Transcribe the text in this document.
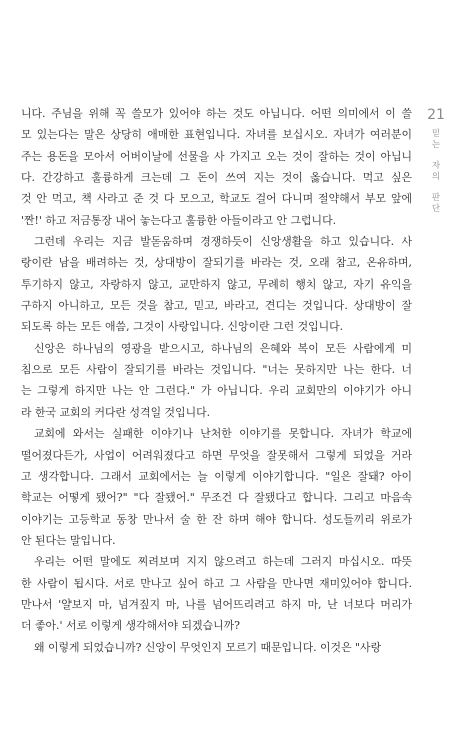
21
믿
는
자
의
판
단
니다. 주님을 위해 꼭 쓸모가 있어야 하는 것도 아닙니다. 어떤 의미에서 이 쓸
모 있는다는 말은 상당히 애매한 표현입니다. 자녀를 보십시오. 자녀가 여러분이
주는 용돈을 모아서 어버이날에 선물을 사 가지고 오는 것이 잘하는 것이 아닙니
다. 간강하고 훌륭하게 크는데 그 돈이 쓰여 지는 것이 옳습니다. 먹고 싶은
것 안 먹고, 책 사라고 준 것 다 모으고, 학교도 걸어 다니며 절약해서 부모 앞에
'짠!' 하고 저금통장 내어 놓는다고 훌륭한 아들이라고 안 그럽니다.
그런데 우리는 지금 발돋움하며 경쟁하듯이 신앙생활을 하고 있습니다. 사
랑이란 남을 배려하는 것, 상대방이 잘되기를 바라는 것, 오래 참고, 온유하며,
투기하지 않고, 자랑하지 않고, 교만하지 않고, 무례히 행치 않고, 자기 유익을
구하지 아니하고, 모든 것을 참고, 믿고, 바라고, 견디는 것입니다. 상대방이 잘
되도록 하는 모든 애씀, 그것이 사랑입니다. 신앙이란 그런 것입니다.
신앙은 하나님의 영광을 받으시고, 하나님의 은혜와 복이 모든 사람에게 미
침으로 모든 사람이 잘되기를 바라는 것입니다. "너는 못하지만 나는 한다. 너
는 그렇게 하지만 나는 안 그런다." 가 아닙니다. 우리 교회만의 이야기가 아니
라 한국 교회의 커다란 성격일 것입니다.
교회에 와서는 실패한 이야기나 난처한 이야기를 못합니다. 자녀가 학교에
떨어졌다든가, 사업이 어려워졌다고 하면 무엇을 잘못해서 그렇게 되었을 거라
고 생각합니다. 그래서 교회에서는 늘 이렇게 이야기합니다. "일은 잘돼? 아이
학교는 어떻게 됐어?" "다 잘됐어." 무조건 다 잘됐다고 합니다. 그리고 마음속
이야기는 고등학교 동창 만나서 술 한 잔 하며 해야 합니다. 성도들끼리 위로가
안 된다는 말입니다.
우리는 어떤 말에도 찌려보며 지지 않으려고 하는데 그러지 마십시오. 따뜻
한 사람이 됩시다. 서로 만나고 싶어 하고 그 사람을 만나면 재미있어야 합니다.
만나서 '얄보지 마, 넘겨짚지 마, 나를 넘어뜨리려고 하지 마, 난 너보다 머리가
더 좋아.' 서로 이렇게 생각해서야 되겠습니까?
왜 이렇게 되었습니까? 신앙이 무엇인지 모르기 때문입니다. 이것은 "사랑
